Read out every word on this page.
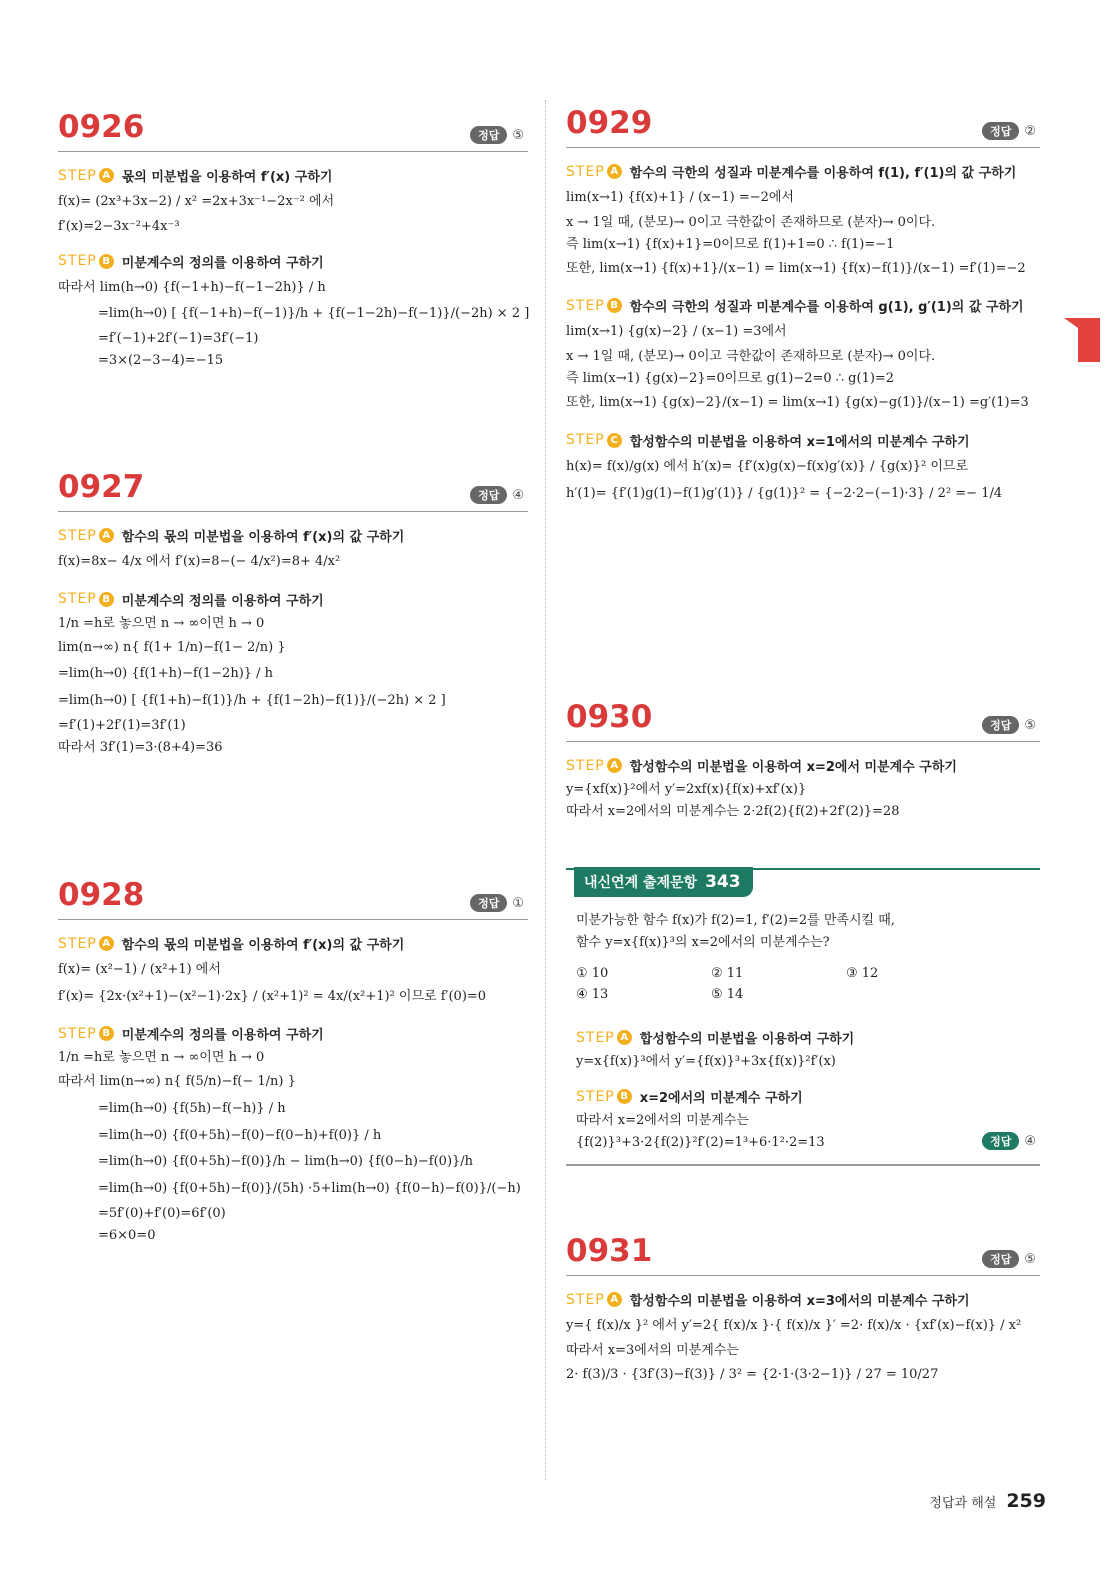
0926	정답	⑤
STEP A 몫의 미분법을 이용하여 f′(x) 구하기
f(x)= (2x³+3x−2) / x² =2x+3x⁻¹−2x⁻² 에서
f′(x)=2−3x⁻²+4x⁻³
STEP B 미분계수의 정의를 이용하여 구하기
따라서 lim(h→0) {f(−1+h)−f(−1−2h)} / h
=lim(h→0) [ {f(−1+h)−f(−1)}/h + {f(−1−2h)−f(−1)}/(−2h) × 2 ]
=f′(−1)+2f′(−1)=3f′(−1)
=3×(2−3−4)=−15
0927	정답	④
STEP A 함수의 몫의 미분법을 이용하여 f′(x)의 값 구하기
f(x)=8x− 4/x 에서 f′(x)=8−(− 4/x²)=8+ 4/x²
STEP B 미분계수의 정의를 이용하여 구하기
1/n =h로 놓으면 n → ∞이면 h → 0
lim(n→∞) n{ f(1+ 1/n)−f(1− 2/n) }
=lim(h→0) {f(1+h)−f(1−2h)} / h
=lim(h→0) [ {f(1+h)−f(1)}/h + {f(1−2h)−f(1)}/(−2h) × 2 ]
=f′(1)+2f′(1)=3f′(1)
따라서 3f′(1)=3·(8+4)=36
0928	정답	①
STEP A 함수의 몫의 미분법을 이용하여 f′(x)의 값 구하기
f(x)= (x²−1) / (x²+1) 에서
f′(x)= {2x·(x²+1)−(x²−1)·2x} / (x²+1)² = 4x/(x²+1)² 이므로 f′(0)=0
STEP B 미분계수의 정의를 이용하여 구하기
1/n =h로 놓으면 n → ∞이면 h → 0
따라서 lim(n→∞) n{ f(5/n)−f(− 1/n) }
=lim(h→0) {f(5h)−f(−h)} / h
=lim(h→0) {f(0+5h)−f(0)−f(0−h)+f(0)} / h
=lim(h→0) {f(0+5h)−f(0)}/h − lim(h→0) {f(0−h)−f(0)}/h
=lim(h→0) {f(0+5h)−f(0)}/(5h) ·5+lim(h→0) {f(0−h)−f(0)}/(−h)
=5f′(0)+f′(0)=6f′(0)
=6×0=0
0929	정답	②
STEP A 함수의 극한의 성질과 미분계수를 이용하여 f(1), f′(1)의 값 구하기
lim(x→1) {f(x)+1} / (x−1) =−2에서
x → 1일 때, (분모)→ 0이고 극한값이 존재하므로 (분자)→ 0이다.
즉 lim(x→1) {f(x)+1}=0이므로 f(1)+1=0 ∴ f(1)=−1
또한, lim(x→1) {f(x)+1}/(x−1) = lim(x→1) {f(x)−f(1)}/(x−1) =f′(1)=−2
STEP B 함수의 극한의 성질과 미분계수를 이용하여 g(1), g′(1)의 값 구하기
lim(x→1) {g(x)−2} / (x−1) =3에서
x → 1일 때, (분모)→ 0이고 극한값이 존재하므로 (분자)→ 0이다.
즉 lim(x→1) {g(x)−2}=0이므로 g(1)−2=0 ∴ g(1)=2
또한, lim(x→1) {g(x)−2}/(x−1) = lim(x→1) {g(x)−g(1)}/(x−1) =g′(1)=3
STEP C 합성함수의 미분법을 이용하여 x=1에서의 미분계수 구하기
h(x)= f(x)/g(x) 에서 h′(x)= {f′(x)g(x)−f(x)g′(x)} / {g(x)}² 이므로
h′(1)= {f′(1)g(1)−f(1)g′(1)} / {g(1)}² = {−2·2−(−1)·3} / 2² =− 1/4
0930	정답	⑤
STEP A 합성함수의 미분법을 이용하여 x=2에서 미분계수 구하기
y={xf(x)}²에서 y′=2xf(x){f(x)+xf′(x)}
따라서 x=2에서의 미분계수는 2·2f(2){f(2)+2f′(2)}=28
내신연계 출제문항 343
미분가능한 함수 f(x)가 f(2)=1, f′(2)=2를 만족시킬 때,
함수 y=x{f(x)}³의 x=2에서의 미분계수는?
① 10	② 11	③ 12
④ 13	⑤ 14
STEP A 합성함수의 미분법을 이용하여 구하기
y=x{f(x)}³에서 y′={f(x)}³+3x{f(x)}²f′(x)
STEP B x=2에서의 미분계수 구하기
따라서 x=2에서의 미분계수는
{f(2)}³+3·2{f(2)}²f′(2)=1³+6·1²·2=13	정답	④
0931	정답	⑤
STEP A 합성함수의 미분법을 이용하여 x=3에서의 미분계수 구하기
y={ f(x)/x }² 에서 y′=2{ f(x)/x }·{ f(x)/x }′ =2· f(x)/x · {xf′(x)−f(x)} / x²
따라서 x=3에서의 미분계수는
2· f(3)/3 · {3f′(3)−f(3)} / 3² = {2·1·(3·2−1)} / 27 = 10/27
정답과 해설 259
